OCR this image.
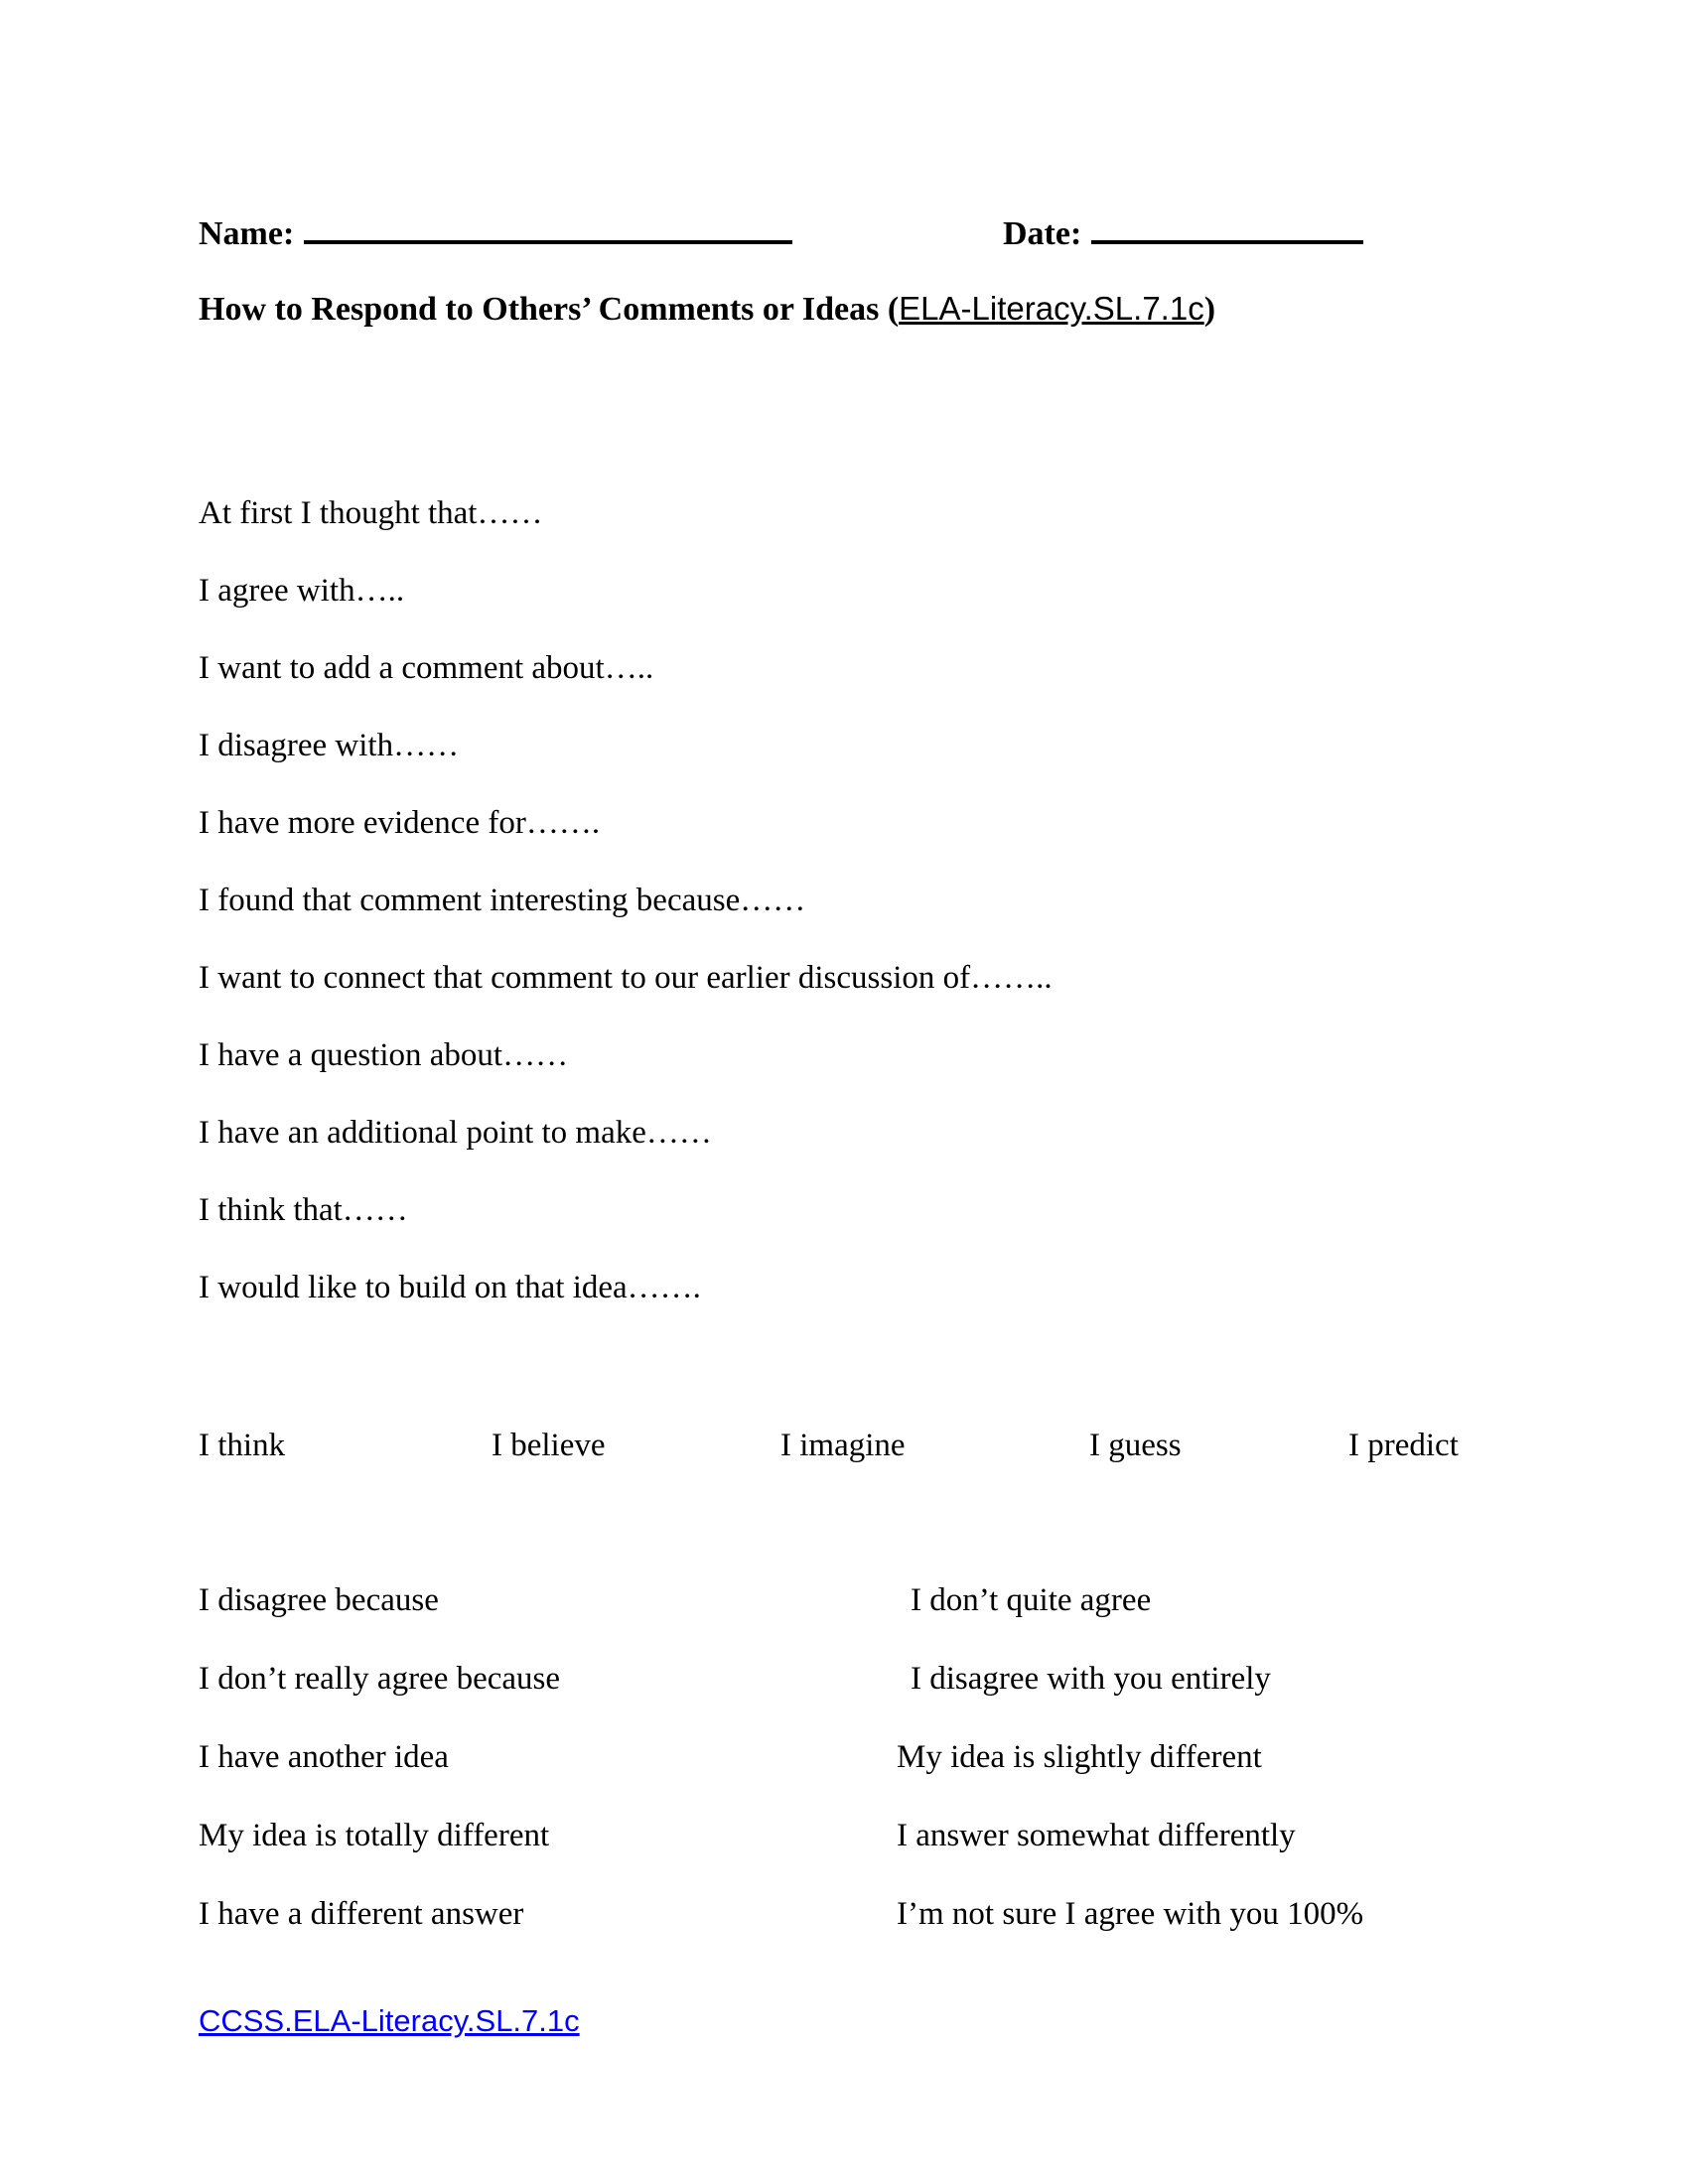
Name:	Date:
How to Respond to Others’ Comments or Ideas (ELA-Literacy.SL.7.1c)
At first I thought that……
I agree with…..
I want to add a comment about…..
I disagree with……
I have more evidence for…….
I found that comment interesting because……
I want to connect that comment to our earlier discussion of……..
I have a question about……
I have an additional point to make……
I think that……
I would like to build on that idea…….
I think	I believe	I imagine	I guess	I predict
I disagree because	I don’t quite agree
I don’t really agree because	I disagree with you entirely
I have another idea	My idea is slightly different
My idea is totally different	I answer somewhat differently
I have a different answer	I’m not sure I agree with you 100%
CCSS.ELA-Literacy.SL.7.1c
